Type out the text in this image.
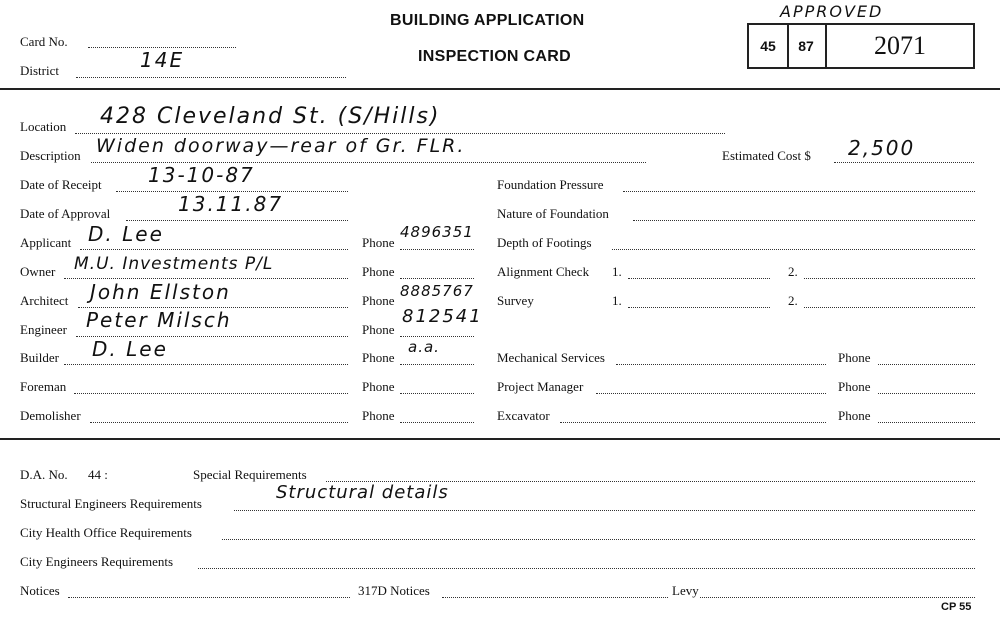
Card No.
District	14E
BUILDING APPLICATION
INSPECTION CARD
APPROVED
45	87	2071
Location 428 Cleveland St. (S/Hills)
Description Widen doorway—rear of Gr. FLR.	Estimated Cost $ 2,500
Date of Receipt 13-10-87
Date of Approval	13.11.87
Applicant D. Lee	Phone
4896351
Owner M.U. Investments P/L	Phone
Architect John Ellston	Phone
8885767
Engineer Peter Milsch	Phone
812541
Builder D. Lee	Phone
a.a.
Foreman	Phone
Demolisher	Phone
Foundation Pressure
Nature of Foundation
Depth of Footings
Alignment Check 1.	2.
Survey	1.	2.
Mechanical Services	Phone
Project Manager	Phone
Excavator	Phone
D.A. No. 44 :	Special Requirements
Structural Engineers Requirements
Structural details
City Health Office Requirements
City Engineers Requirements
Notices	317D Notices	Levy
CP 55
